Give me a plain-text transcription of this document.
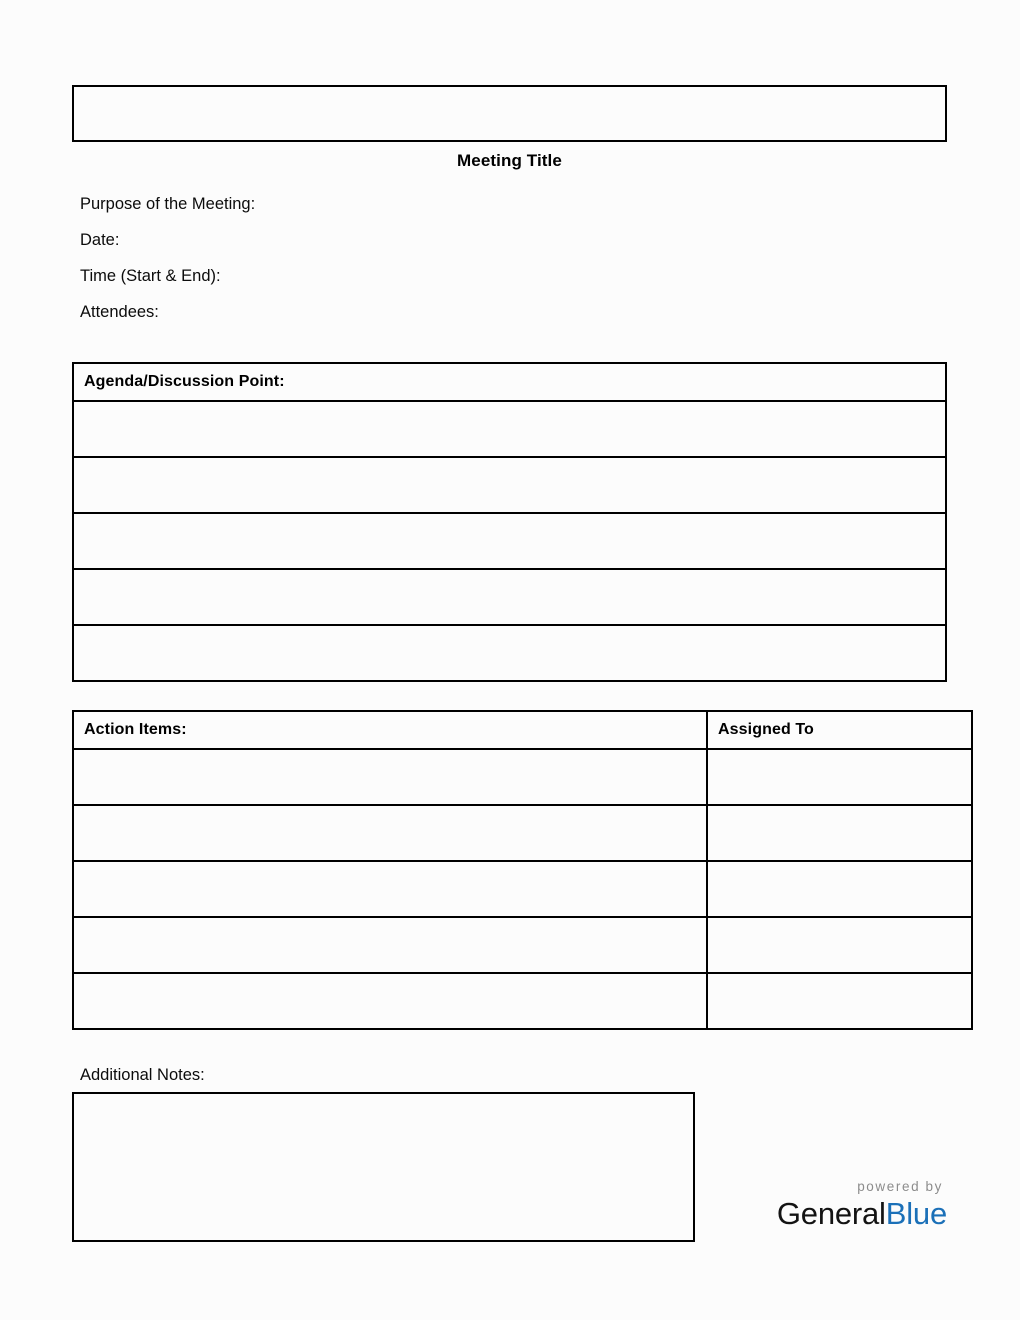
Meeting Title
Purpose of the Meeting:
Date:
Time (Start & End):
Attendees:
Agenda/Discussion Point:

Action Items:	Assigned To

Additional Notes:
powered by
GeneralBlue
